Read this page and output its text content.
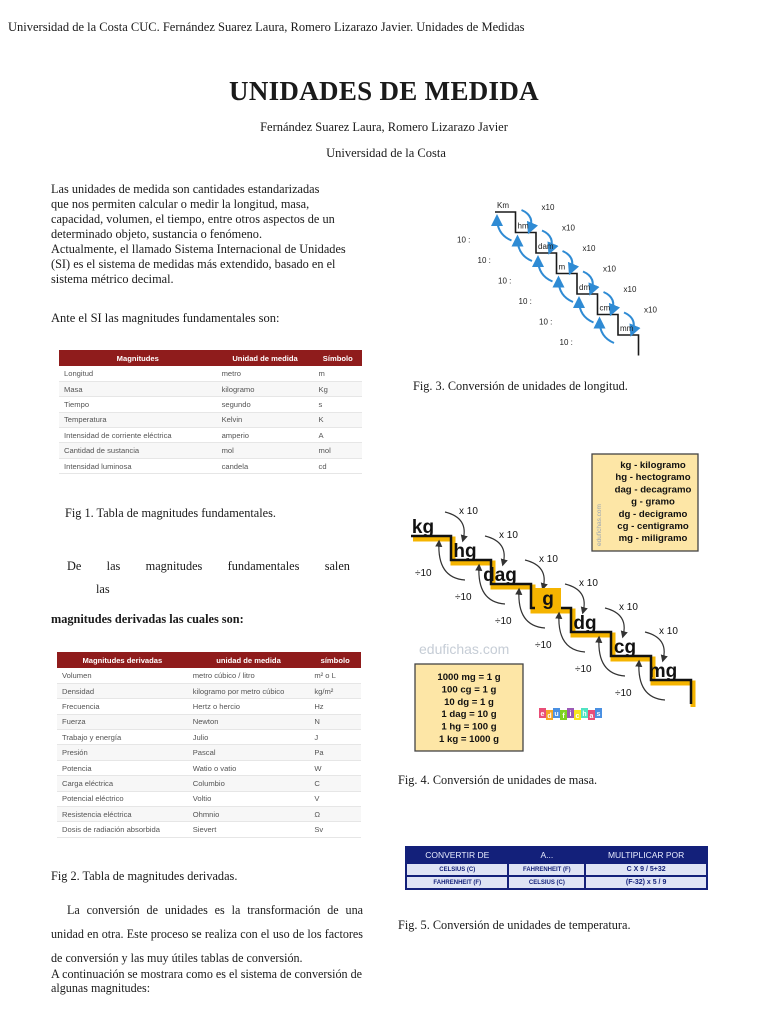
Universidad de la Costa CUC. Fernández Suarez Laura, Romero Lizarazo Javier. Unidades de Medidas
UNIDADES DE MEDIDA
Fernández Suarez Laura, Romero Lizarazo Javier
Universidad de la Costa

Las unidades de medida son cantidades estandarizadas

que nos permiten calcular o medir la longitud, masa,

capacidad, volumen, el tiempo, entre otros aspectos de un

determinado objeto, sustancia o fenómeno.

Actualmente, el llamado Sistema Internacional de Unidades

(SI) es el sistema de medidas más extendido, basado en el

sistema métrico decimal.

Ante el SI las magnitudes fundamentales son:
Magnitudes	Unidad de medida	Símbolo
Longitud	metro	m
Masa	kilogramo	Kg
Tiempo	segundo	s
Temperatura	Kelvin	K
Intensidad de corriente eléctrica	amperio	A
Cantidad de sustancia	mol	mol
Intensidad luminosa	candela	cd
Fig 1. Tabla de magnitudes fundamentales.
De las magnitudes fundamentales salen
las
magnitudes derivadas las cuales son:
Magnitudes derivadas	unidad de medida	símbolo
Volumen	metro cúbico / litro	m² o L
Densidad	kilogramo por metro cúbico	kg/m²
Frecuencia	Hertz o hercio	Hz
Fuerza	Newton	N
Trabajo y energía	Julio	J
Presión	Pascal	Pa
Potencia	Watio o vatio	W
Carga eléctrica	Columbio	C
Potencial eléctrico	Voltio	V
Resistencia eléctrica	Ohmnio	Ω
Dosis de radiación absorbida	Sievert	Sv
Fig 2. Tabla de magnitudes derivadas.
La conversión de unidades es la transformación de una unidad en otra. Este proceso se realiza con el uso de los factores de conversión y las muy útiles tablas de conversión.
A continuación se mostrara como es el sistema de conversión de algunas magnitudes:
Km	x10
10 :
hm	x10
10 :
dam	x10
10 :
m	x10
10 :
dm	x10
10 :
cm	x10
10 :
mm
Fig. 3. Conversión de unidades de longitud.
edufichas.com
kg
x 10
÷10
hg
x 10
÷10
dag
x 10
÷10
g
x 10
÷10
dg
x 10
÷10
cg
x 10
÷10
mg
edufichas.com
kg - kilogramo
hg - hectogramo
dag - decagramo
g - gramo
dg - decigramo
cg - centigramo
mg - miligramo
1000 mg = 1 g
100 cg = 1 g
10 dg = 1 g
1 dag = 10 g
1 hg = 100 g
1 kg = 1000 g
e d u f i c h a s
Fig. 4. Conversión de unidades de masa.
CONVERTIR DE	A...	MULTIPLICAR POR
CELSIUS (C)	FAHRENHEIT (F)	C X 9 / 5+32
FAHRENHEIT (F)	CELSIUS (C)	(F-32) x 5 / 9
Fig. 5. Conversión de unidades de temperatura.
